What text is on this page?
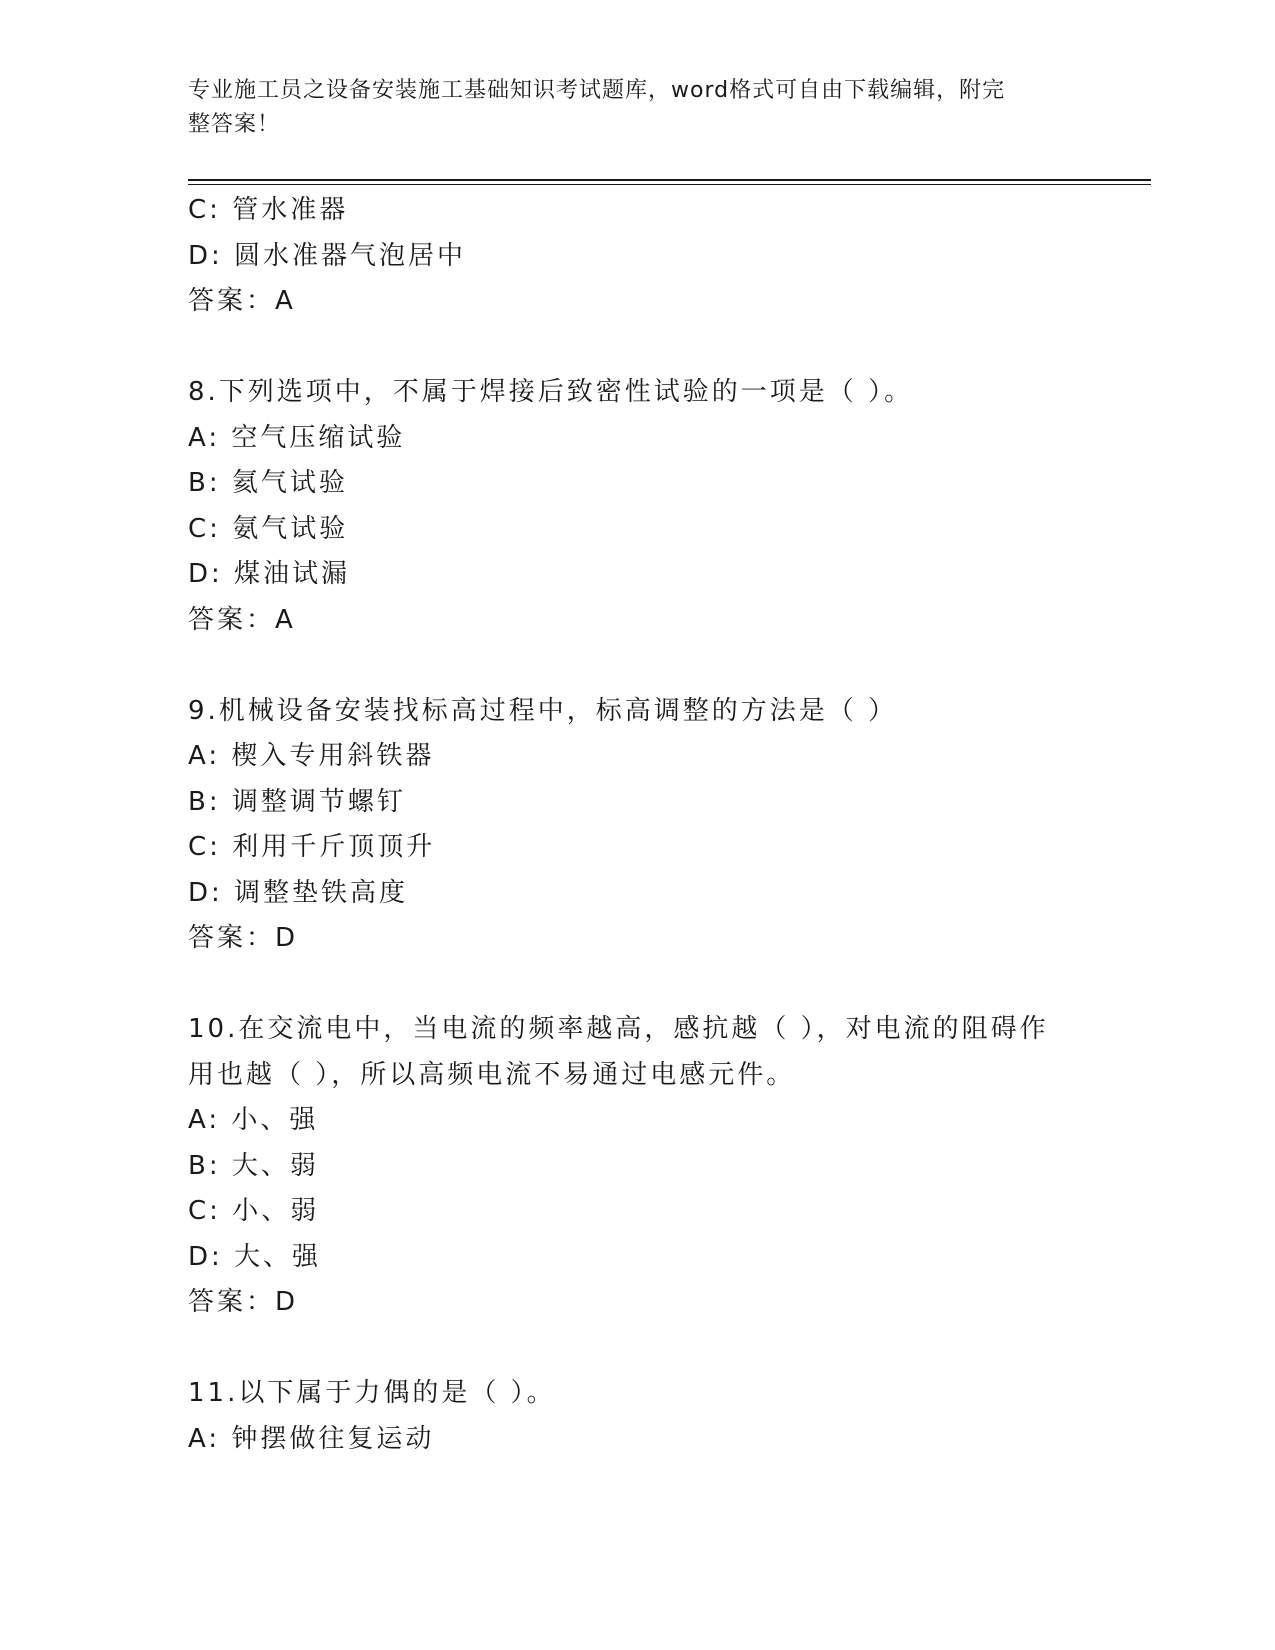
专业施工员之设备安装施工基础知识考试题库，word格式可自由下载编辑，附完
整答案！
C: 管水准器
D: 圆水准器气泡居中
答案：A
8.下列选项中，不属于焊接后致密性试验的一项是（ ）。
A: 空气压缩试验
B: 氦气试验
C: 氨气试验
D: 煤油试漏
答案：A
9.机械设备安装找标高过程中，标高调整的方法是（ ）
A: 楔入专用斜铁器
B: 调整调节螺钉
C: 利用千斤顶顶升
D: 调整垫铁高度
答案：D
10.在交流电中，当电流的频率越高，感抗越（ ），对电流的阻碍作
用也越（ ），所以高频电流不易通过电感元件。
A: 小、强
B: 大、弱
C: 小、弱
D: 大、强
答案：D
11.以下属于力偶的是（ ）。
A: 钟摆做往复运动
